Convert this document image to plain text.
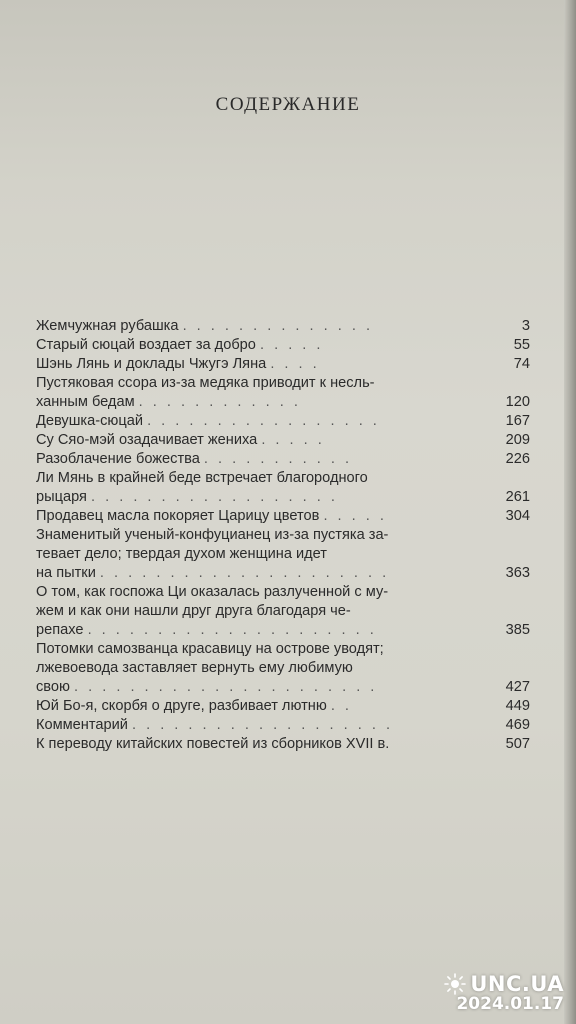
СОДЕРЖАНИЕ
Жемчужная рубашка . . . . . . . . . . . . . .	3
Старый сюцай воздает за добро . . . . .	55
Шэнь Лянь и доклады Чжугэ Ляна . . . .	74
Пустяковая ссора из-за медяка приводит к несль-
ханным бедам . . . . . . . . . . . .	120
Девушка-сюцай . . . . . . . . . . . . . . . . .	167
Су Сяо-мэй озадачивает жениха . . . . .	209
Разоблачение божества . . . . . . . . . . .	226
Ли Мянь в крайней беде встречает благородного
рыцаря . . . . . . . . . . . . . . . . . .	261
Продавец масла покоряет Царицу цветов . . . . .	304
Знаменитый ученый-конфуцианец из-за пустяка за-
тевает дело; твердая духом женщина идет
на пытки . . . . . . . . . . . . . . . . . . . . .	363
О том, как госпожа Ци оказалась разлученной с му-
жем и как они нашли друг друга благодаря че-
репахе . . . . . . . . . . . . . . . . . . . . .	385
Потомки самозванца красавицу на острове уводят;
лжевоевода заставляет вернуть ему любимую
свою . . . . . . . . . . . . . . . . . . . . . .	427
Юй Бо-я, скорбя о друге, разбивает лютню . .	449
Комментарий . . . . . . . . . . . . . . . . . . .	469
К переводу китайских повестей из сборников XVII в.	507
UNC.UA
2024.01.17
